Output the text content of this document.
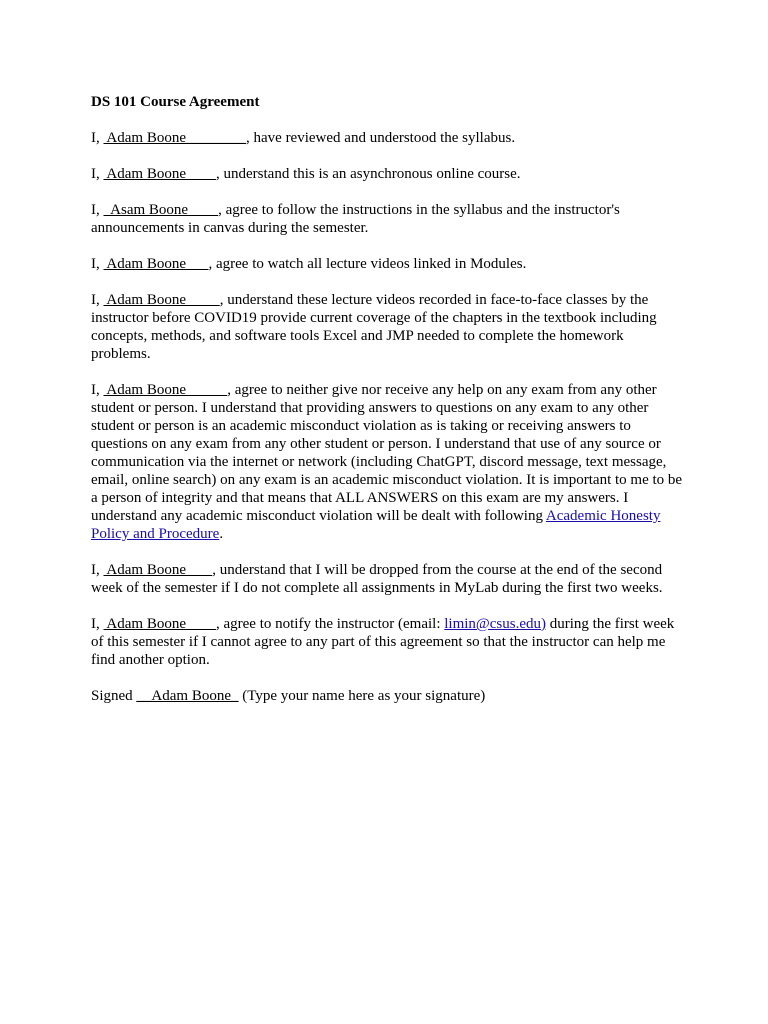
DS 101 Course Agreement

I,  Adam Boone________, have reviewed and understood the syllabus.

I,  Adam Boone        , understand this is an asynchronous online course.

I,   Asam Boone        , agree to follow the instructions in the syllabus and the instructor's announcements in canvas during the semester.

I,  Adam Boone      , agree to watch all lecture videos linked in Modules.

I,  Adam Boone         , understand these lecture videos recorded in face-to-face classes by the instructor before COVID19 provide current coverage of the chapters in the textbook including concepts, methods, and software tools Excel and JMP needed to complete the homework problems.

I,  Adam Boone           , agree to neither give nor receive any help on any exam from any other student or person. I understand that providing answers to questions on any exam to any other student or person is an academic misconduct violation as is taking or receiving answers to questions on any exam from any other student or person. I understand that use of any source or communication via the internet or network (including ChatGPT, discord message, text message, email, online search) on any exam is an academic misconduct violation. It is important to me to be a person of integrity and that means that ALL ANSWERS on this exam are my answers. I understand any academic misconduct violation will be dealt with following Academic Honesty Policy and Procedure.

I,  Adam Boone       , understand that I will be dropped from the course at the end of the second week of the semester if I do not complete all assignments in MyLab during the first two weeks.

I,  Adam Boone        , agree to notify the instructor (email: limin@csus.edu) during the first week of this semester if I cannot agree to any part of this agreement so that the instructor can help me find another option.

Signed __Adam Boone_ (Type your name here as your signature)
